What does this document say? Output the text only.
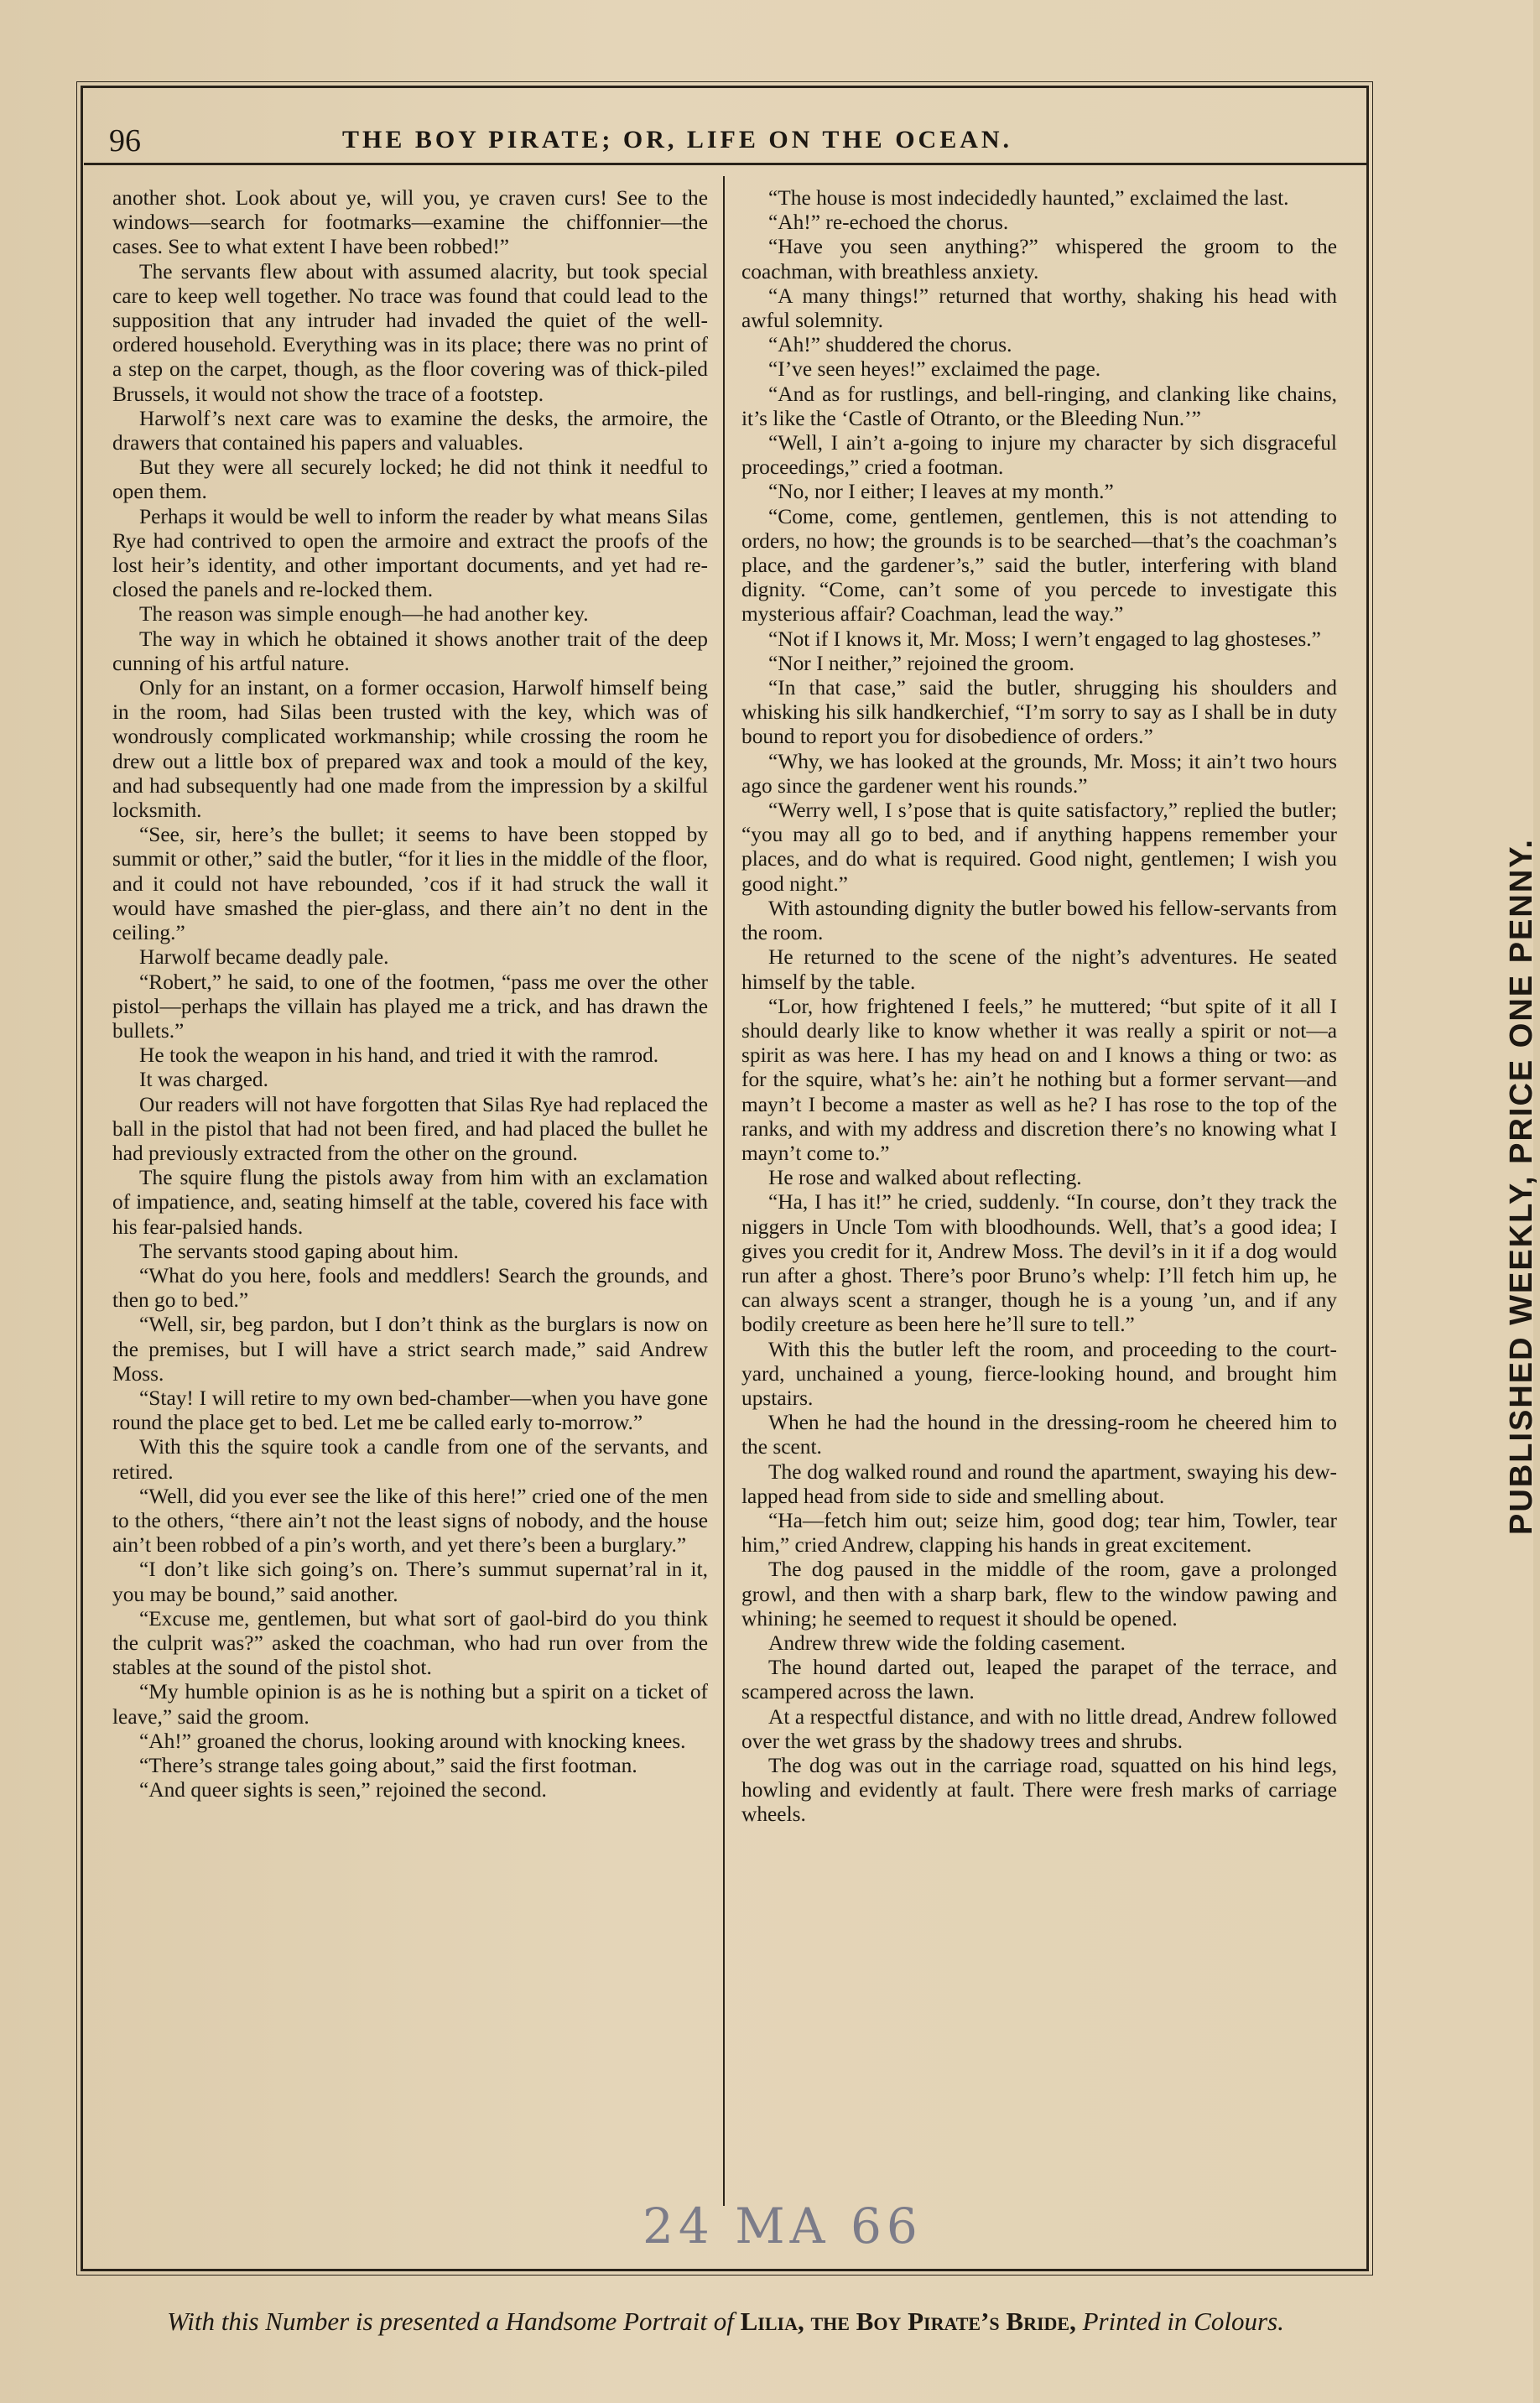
96	THE BOY PIRATE; OR, LIFE ON THE OCEAN.

another shot. Look about ye, will you, ye craven curs! See to the windows—search for footmarks—examine the chiffonnier—the cases. See to what extent I have been robbed!”

The servants flew about with assumed alacrity, but took special care to keep well together. No trace was found that could lead to the supposition that any intruder had invaded the quiet of the well-ordered household. Everything was in its place; there was no print of a step on the carpet, though, as the floor covering was of thick-piled Brussels, it would not show the trace of a footstep.

Harwolf’s next care was to examine the desks, the armoire, the drawers that contained his papers and valuables.

But they were all securely locked; he did not think it needful to open them.

Perhaps it would be well to inform the reader by what means Silas Rye had contrived to open the armoire and extract the proofs of the lost heir’s identity, and other important documents, and yet had re-closed the panels and re-locked them.

The reason was simple enough—he had another key.

The way in which he obtained it shows another trait of the deep cunning of his artful nature.

Only for an instant, on a former occasion, Harwolf himself being in the room, had Silas been trusted with the key, which was of wondrously complicated workmanship; while crossing the room he drew out a little box of prepared wax and took a mould of the key, and had subsequently had one made from the impression by a skilful locksmith.

“See, sir, here’s the bullet; it seems to have been stopped by summit or other,” said the butler, “for it lies in the middle of the floor, and it could not have rebounded, ’cos if it had struck the wall it would have smashed the pier-glass, and there ain’t no dent in the ceiling.”

Harwolf became deadly pale.

“Robert,” he said, to one of the footmen, “pass me over the other pistol—perhaps the villain has played me a trick, and has drawn the bullets.”

He took the weapon in his hand, and tried it with the ramrod.

It was charged.

Our readers will not have forgotten that Silas Rye had replaced the ball in the pistol that had not been fired, and had placed the bullet he had previously extracted from the other on the ground.

The squire flung the pistols away from him with an exclamation of impatience, and, seating himself at the table, covered his face with his fear-palsied hands.

The servants stood gaping about him.

“What do you here, fools and meddlers! Search the grounds, and then go to bed.”

“Well, sir, beg pardon, but I don’t think as the burglars is now on the premises, but I will have a strict search made,” said Andrew Moss.

“Stay! I will retire to my own bed-chamber—when you have gone round the place get to bed. Let me be called early to-morrow.”

With this the squire took a candle from one of the servants, and retired.

“Well, did you ever see the like of this here!” cried one of the men to the others, “there ain’t not the least signs of nobody, and the house ain’t been robbed of a pin’s worth, and yet there’s been a burglary.”

“I don’t like sich going’s on. There’s summut supernat’ral in it, you may be bound,” said another.

“Excuse me, gentlemen, but what sort of gaol-bird do you think the culprit was?” asked the coachman, who had run over from the stables at the sound of the pistol shot.

“My humble opinion is as he is nothing but a spirit on a ticket of leave,” said the groom.

“Ah!” groaned the chorus, looking around with knocking knees.

“There’s strange tales going about,” said the first footman.

“And queer sights is seen,” rejoined the second.

“The house is most indecidedly haunted,” exclaimed the last.

“Ah!” re-echoed the chorus.

“Have you seen anything?” whispered the groom to the coachman, with breathless anxiety.

“A many things!” returned that worthy, shaking his head with awful solemnity.

“Ah!” shuddered the chorus.

“I’ve seen heyes!” exclaimed the page.

“And as for rustlings, and bell-ringing, and clanking like chains, it’s like the ‘Castle of Otranto, or the Bleeding Nun.’”

“Well, I ain’t a-going to injure my character by sich disgraceful proceedings,” cried a footman.

“No, nor I either; I leaves at my month.”

“Come, come, gentlemen, gentlemen, this is not attending to orders, no how; the grounds is to be searched—that’s the coachman’s place, and the gardener’s,” said the butler, interfering with bland dignity. “Come, can’t some of you percede to investigate this mysterious affair? Coachman, lead the way.”

“Not if I knows it, Mr. Moss; I wern’t engaged to lag ghosteses.”

“Nor I neither,” rejoined the groom.

“In that case,” said the butler, shrugging his shoulders and whisking his silk handkerchief, “I’m sorry to say as I shall be in duty bound to report you for disobedience of orders.”

“Why, we has looked at the grounds, Mr. Moss; it ain’t two hours ago since the gardener went his rounds.”

“Werry well, I s’pose that is quite satisfactory,” replied the butler; “you may all go to bed, and if anything happens remember your places, and do what is required. Good night, gentlemen; I wish you good night.”

With astounding dignity the butler bowed his fellow-servants from the room.

He returned to the scene of the night’s adventures. He seated himself by the table.

“Lor, how frightened I feels,” he muttered; “but spite of it all I should dearly like to know whether it was really a spirit or not—a spirit as was here. I has my head on and I knows a thing or two: as for the squire, what’s he: ain’t he nothing but a former servant—and mayn’t I become a master as well as he? I has rose to the top of the ranks, and with my address and discretion there’s no knowing what I mayn’t come to.”

He rose and walked about reflecting.

“Ha, I has it!” he cried, suddenly. “In course, don’t they track the niggers in Uncle Tom with bloodhounds. Well, that’s a good idea; I gives you credit for it, Andrew Moss. The devil’s in it if a dog would run after a ghost. There’s poor Bruno’s whelp: I’ll fetch him up, he can always scent a stranger, though he is a young ’un, and if any bodily creeture as been here he’ll sure to tell.”

With this the butler left the room, and proceeding to the court-yard, unchained a young, fierce-looking hound, and brought him upstairs.

When he had the hound in the dressing-room he cheered him to the scent.

The dog walked round and round the apartment, swaying his dew-lapped head from side to side and smelling about.

“Ha—fetch him out; seize him, good dog; tear him, Towler, tear him,” cried Andrew, clapping his hands in great excitement.

The dog paused in the middle of the room, gave a prolonged growl, and then with a sharp bark, flew to the window pawing and whining; he seemed to request it should be opened.

Andrew threw wide the folding casement.

The hound darted out, leaped the parapet of the terrace, and scampered across the lawn.

At a respectful distance, and with no little dread, Andrew followed over the wet grass by the shadowy trees and shrubs.

The dog was out in the carriage road, squatted on his hind legs, howling and evidently at fault. There were fresh marks of carriage wheels.

24 MA 66
PUBLISHED WEEKLY, PRICE ONE PENNY.
With this Number is presented a Handsome Portrait of Lilia, the Boy Pirate’s Bride, Printed in Colours.
